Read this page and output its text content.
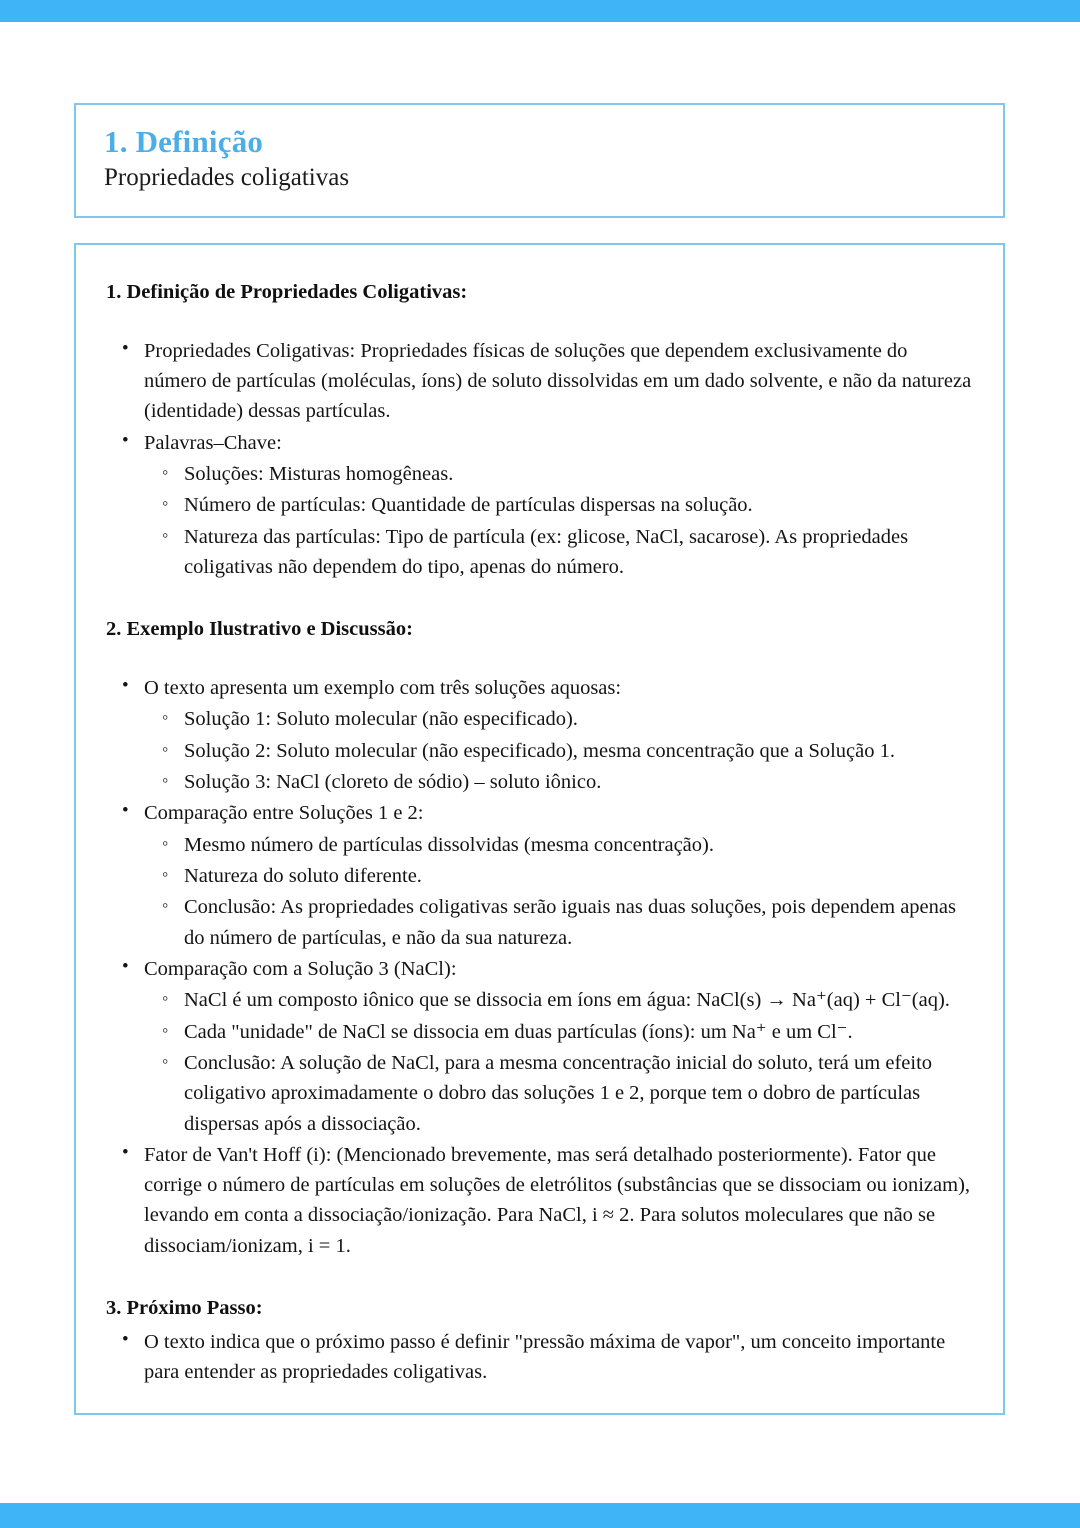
1. Definição
Propriedades coligativas
1. Definição de Propriedades Coligativas:
• Propriedades Coligativas: Propriedades físicas de soluções que dependem exclusivamente do número de partículas (moléculas, íons) de soluto dissolvidas em um dado solvente, e não da natureza (identidade) dessas partículas.
• Palavras–Chave:
◦ Soluções: Misturas homogêneas.
◦ Número de partículas: Quantidade de partículas dispersas na solução.
◦ Natureza das partículas: Tipo de partícula (ex: glicose, NaCl, sacarose). As propriedades coligativas não dependem do tipo, apenas do número.
2. Exemplo Ilustrativo e Discussão:
• O texto apresenta um exemplo com três soluções aquosas:
◦ Solução 1: Soluto molecular (não especificado).
◦ Solução 2: Soluto molecular (não especificado), mesma concentração que a Solução 1.
◦ Solução 3: NaCl (cloreto de sódio) – soluto iônico.
• Comparação entre Soluções 1 e 2:
◦ Mesmo número de partículas dissolvidas (mesma concentração).
◦ Natureza do soluto diferente.
◦ Conclusão: As propriedades coligativas serão iguais nas duas soluções, pois dependem apenas do número de partículas, e não da sua natureza.
• Comparação com a Solução 3 (NaCl):
◦ NaCl é um composto iônico que se dissocia em íons em água: NaCl(s) → Na⁺(aq) + Cl⁻(aq).
◦ Cada "unidade" de NaCl se dissocia em duas partículas (íons): um Na⁺ e um Cl⁻.
◦ Conclusão: A solução de NaCl, para a mesma concentração inicial do soluto, terá um efeito coligativo aproximadamente o dobro das soluções 1 e 2, porque tem o dobro de partículas dispersas após a dissociação.
• Fator de Van't Hoff (i): (Mencionado brevemente, mas será detalhado posteriormente). Fator que corrige o número de partículas em soluções de eletrólitos (substâncias que se dissociam ou ionizam), levando em conta a dissociação/ionização. Para NaCl, i ≈ 2. Para solutos moleculares que não se dissociam/ionizam, i = 1.
3. Próximo Passo:
• O texto indica que o próximo passo é definir "pressão máxima de vapor", um conceito importante para entender as propriedades coligativas.
